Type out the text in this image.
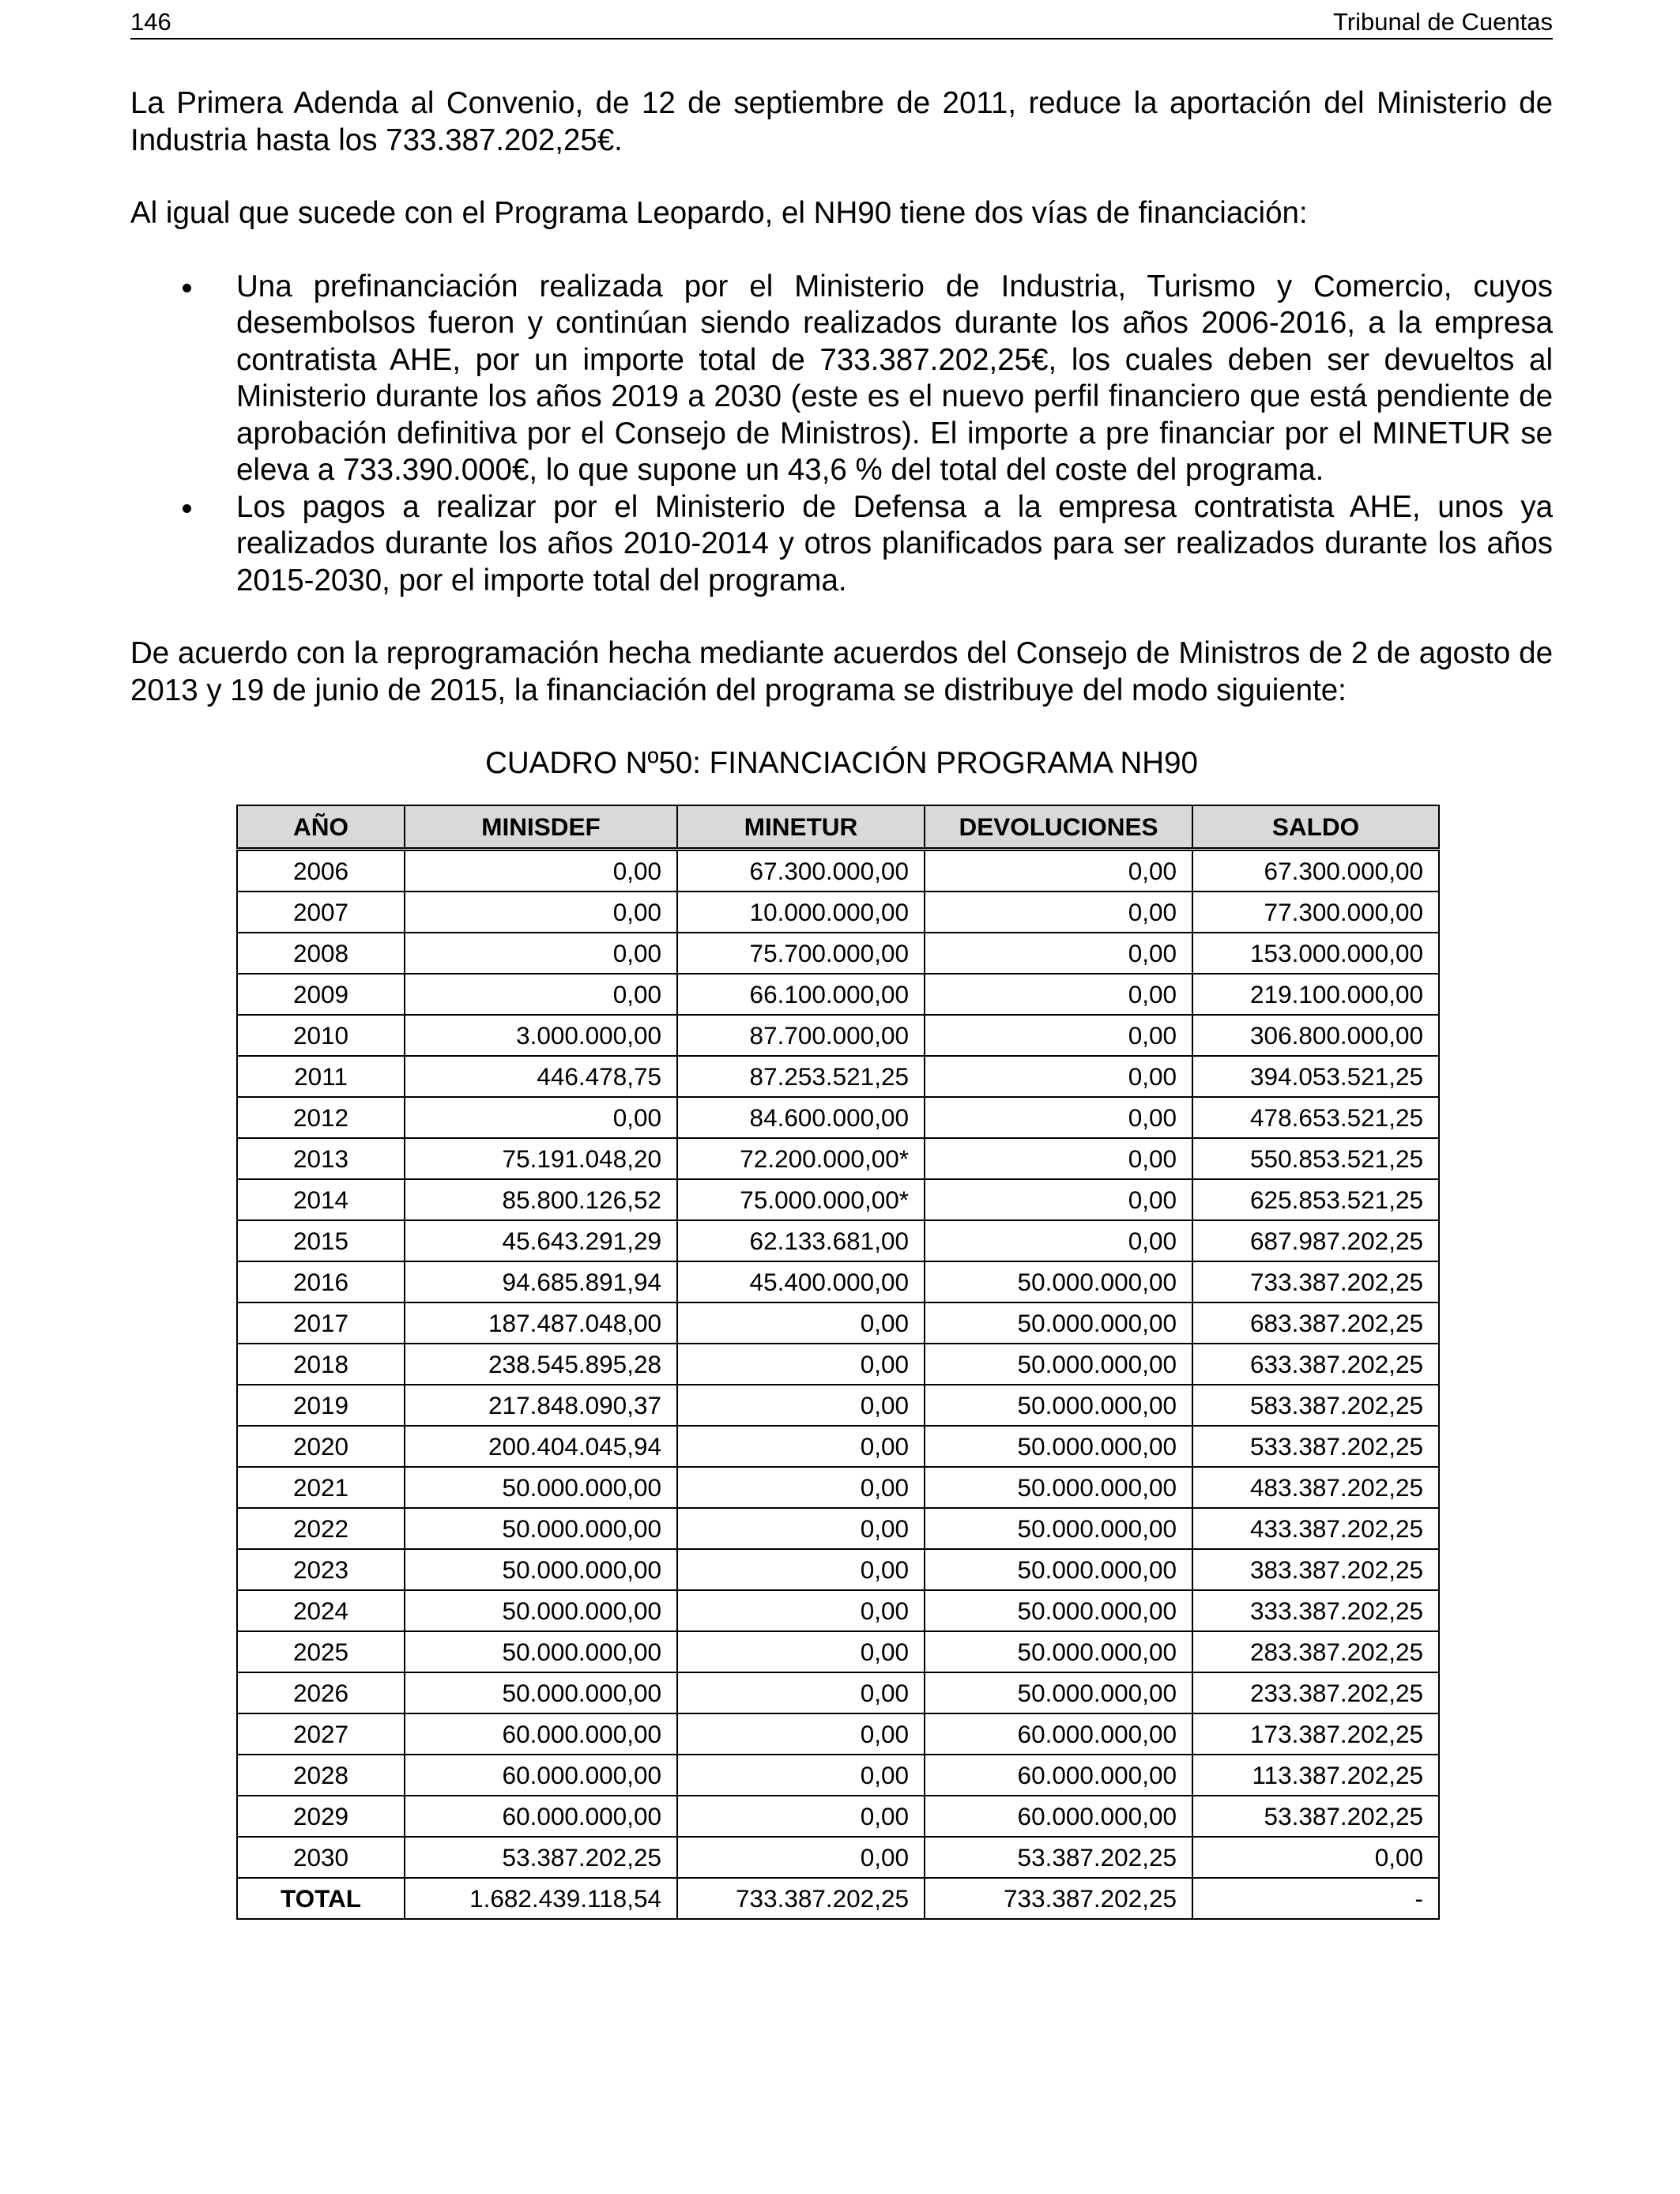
146	Tribunal de Cuentas

La Primera Adenda al Convenio, de 12 de septiembre de 2011, reduce la aportación del Ministerio de Industria hasta los 733.387.202,25€.

Al igual que sucede con el Programa Leopardo, el NH90 tiene dos vías de financiación:

Una prefinanciación realizada por el Ministerio de Industria, Turismo y Comercio, cuyos desembolsos fueron y continúan siendo realizados durante los años 2006-2016, a la empresa contratista AHE, por un importe total de 733.387.202,25€, los cuales deben ser devueltos al Ministerio durante los años 2019 a 2030 (este es el nuevo perfil financiero que está pendiente de aprobación definitiva por el Consejo de Ministros). El importe a pre financiar por el MINETUR se eleva a 733.390.000€, lo que supone un 43,6 % del total del coste del programa.
Los pagos a realizar por el Ministerio de Defensa a la empresa contratista AHE, unos ya realizados durante los años 2010-2014 y otros planificados para ser realizados durante los años 2015-2030, por el importe total del programa.

De acuerdo con la reprogramación hecha mediante acuerdos del Consejo de Ministros de 2 de agosto de 2013 y 19 de junio de 2015, la financiación del programa se distribuye del modo siguiente:

CUADRO Nº50: FINANCIACIÓN PROGRAMA NH90
AÑO	MINISDEF	MINETUR	DEVOLUCIONES	SALDO
2006	0,00	67.300.000,00	0,00	67.300.000,00
2007	0,00	10.000.000,00	0,00	77.300.000,00
2008	0,00	75.700.000,00	0,00	153.000.000,00
2009	0,00	66.100.000,00	0,00	219.100.000,00
2010	3.000.000,00	87.700.000,00	0,00	306.800.000,00
2011	446.478,75	87.253.521,25	0,00	394.053.521,25
2012	0,00	84.600.000,00	0,00	478.653.521,25
2013	75.191.048,20	72.200.000,00*	0,00	550.853.521,25
2014	85.800.126,52	75.000.000,00*	0,00	625.853.521,25
2015	45.643.291,29	62.133.681,00	0,00	687.987.202,25
2016	94.685.891,94	45.400.000,00	50.000.000,00	733.387.202,25
2017	187.487.048,00	0,00	50.000.000,00	683.387.202,25
2018	238.545.895,28	0,00	50.000.000,00	633.387.202,25
2019	217.848.090,37	0,00	50.000.000,00	583.387.202,25
2020	200.404.045,94	0,00	50.000.000,00	533.387.202,25
2021	50.000.000,00	0,00	50.000.000,00	483.387.202,25
2022	50.000.000,00	0,00	50.000.000,00	433.387.202,25
2023	50.000.000,00	0,00	50.000.000,00	383.387.202,25
2024	50.000.000,00	0,00	50.000.000,00	333.387.202,25
2025	50.000.000,00	0,00	50.000.000,00	283.387.202,25
2026	50.000.000,00	0,00	50.000.000,00	233.387.202,25
2027	60.000.000,00	0,00	60.000.000,00	173.387.202,25
2028	60.000.000,00	0,00	60.000.000,00	113.387.202,25
2029	60.000.000,00	0,00	60.000.000,00	53.387.202,25
2030	53.387.202,25	0,00	53.387.202,25	0,00
TOTAL	1.682.439.118,54	733.387.202,25	733.387.202,25	-
